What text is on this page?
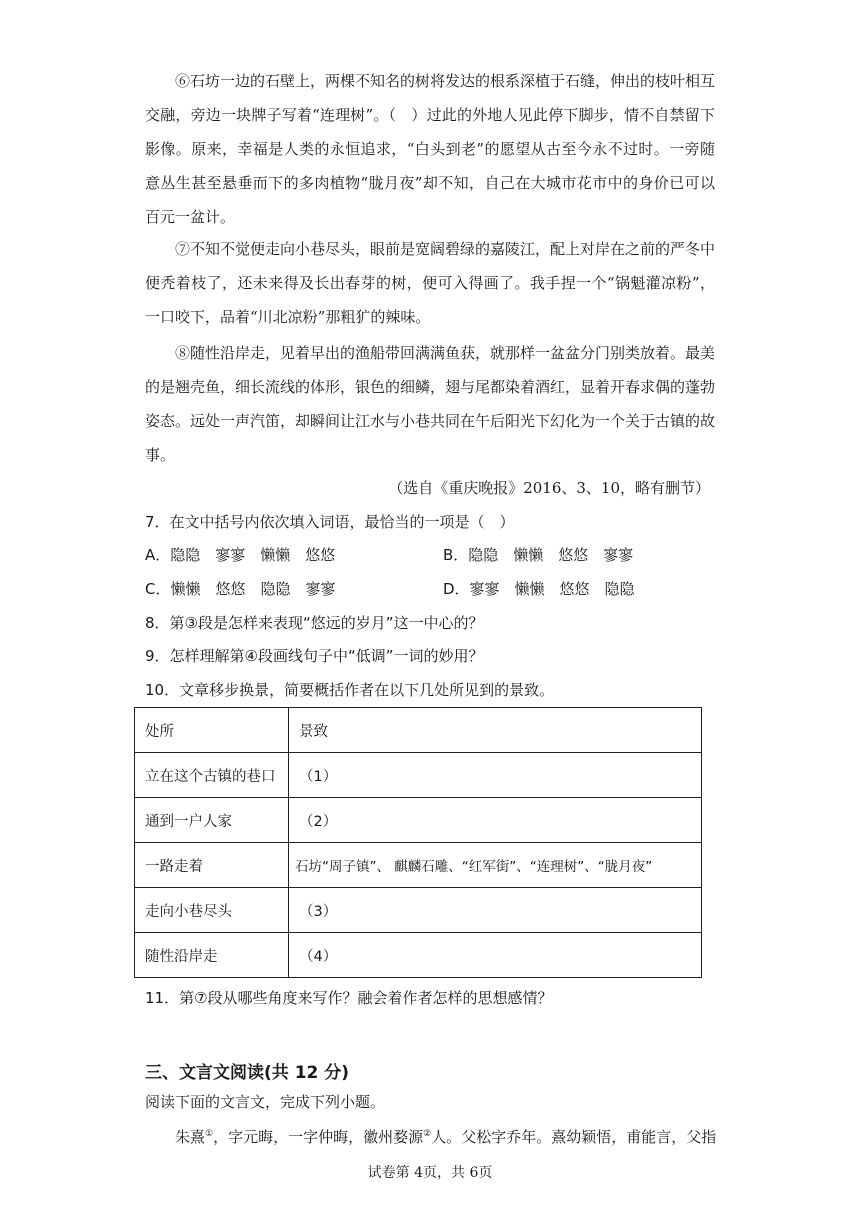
⑥石坊一边的石壁上，两棵不知名的树将发达的根系深植于石缝，伸出的枝叶相互交融，旁边一块牌子写着“连理树”。（　）过此的外地人见此停下脚步，情不自禁留下影像。原来，幸福是人类的永恒追求，“白头到老”的愿望从古至今永不过时。一旁随意丛生甚至悬垂而下的多肉植物“胧月夜”却不知，自己在大城市花市中的身价已可以百元一盆计。

⑦不知不觉便走向小巷尽头，眼前是宽阔碧绿的嘉陵江，配上对岸在之前的严冬中便秃着枝了，还未来得及长出春芽的树，便可入得画了。我手捏一个“锅魁灌凉粉”，一口咬下，品着“川北凉粉”那粗犷的辣味。

⑧随性沿岸走，见着早出的渔船带回满满鱼获，就那样一盆盆分门别类放着。最美的是翘壳鱼，细长流线的体形，银色的细鳞，翅与尾都染着酒红，显着开春求偶的蓬勃姿态。远处一声汽笛，却瞬间让江水与小巷共同在午后阳光下幻化为一个关于古镇的故事。

（选自《重庆晚报》2016、3、10，略有删节）
7．在文中括号内依次填入词语，最恰当的一项是（　）
A．隐隐　寥寥　懒懒　悠悠	B．隐隐　懒懒　悠悠　寥寥
C．懒懒　悠悠　隐隐　寥寥	D．寥寥　懒懒　悠悠　隐隐
8．第③段是怎样来表现“悠远的岁月”这一中心的？
9．怎样理解第④段画线句子中“低调”一词的妙用？
10．文章移步换景，简要概括作者在以下几处所见到的景致。
处所	景致
立在这个古镇的巷口	（1）
通到一户人家	（2）
一路走着	石坊“周子镇”、 麒麟石雕、“红军街”、“连理树”、“胧月夜”
走向小巷尽头	（3）
随性沿岸走	（4）
11．第⑦段从哪些角度来写作？融会着作者怎样的思想感情？
三、文言文阅读(共 12 分)
阅读下面的文言文，完成下列小题。
朱熹①，字元晦，一字仲晦，徽州婺源②人。父松字乔年。熹幼颖悟，甫能言，父指
试卷第 4页，共 6页
